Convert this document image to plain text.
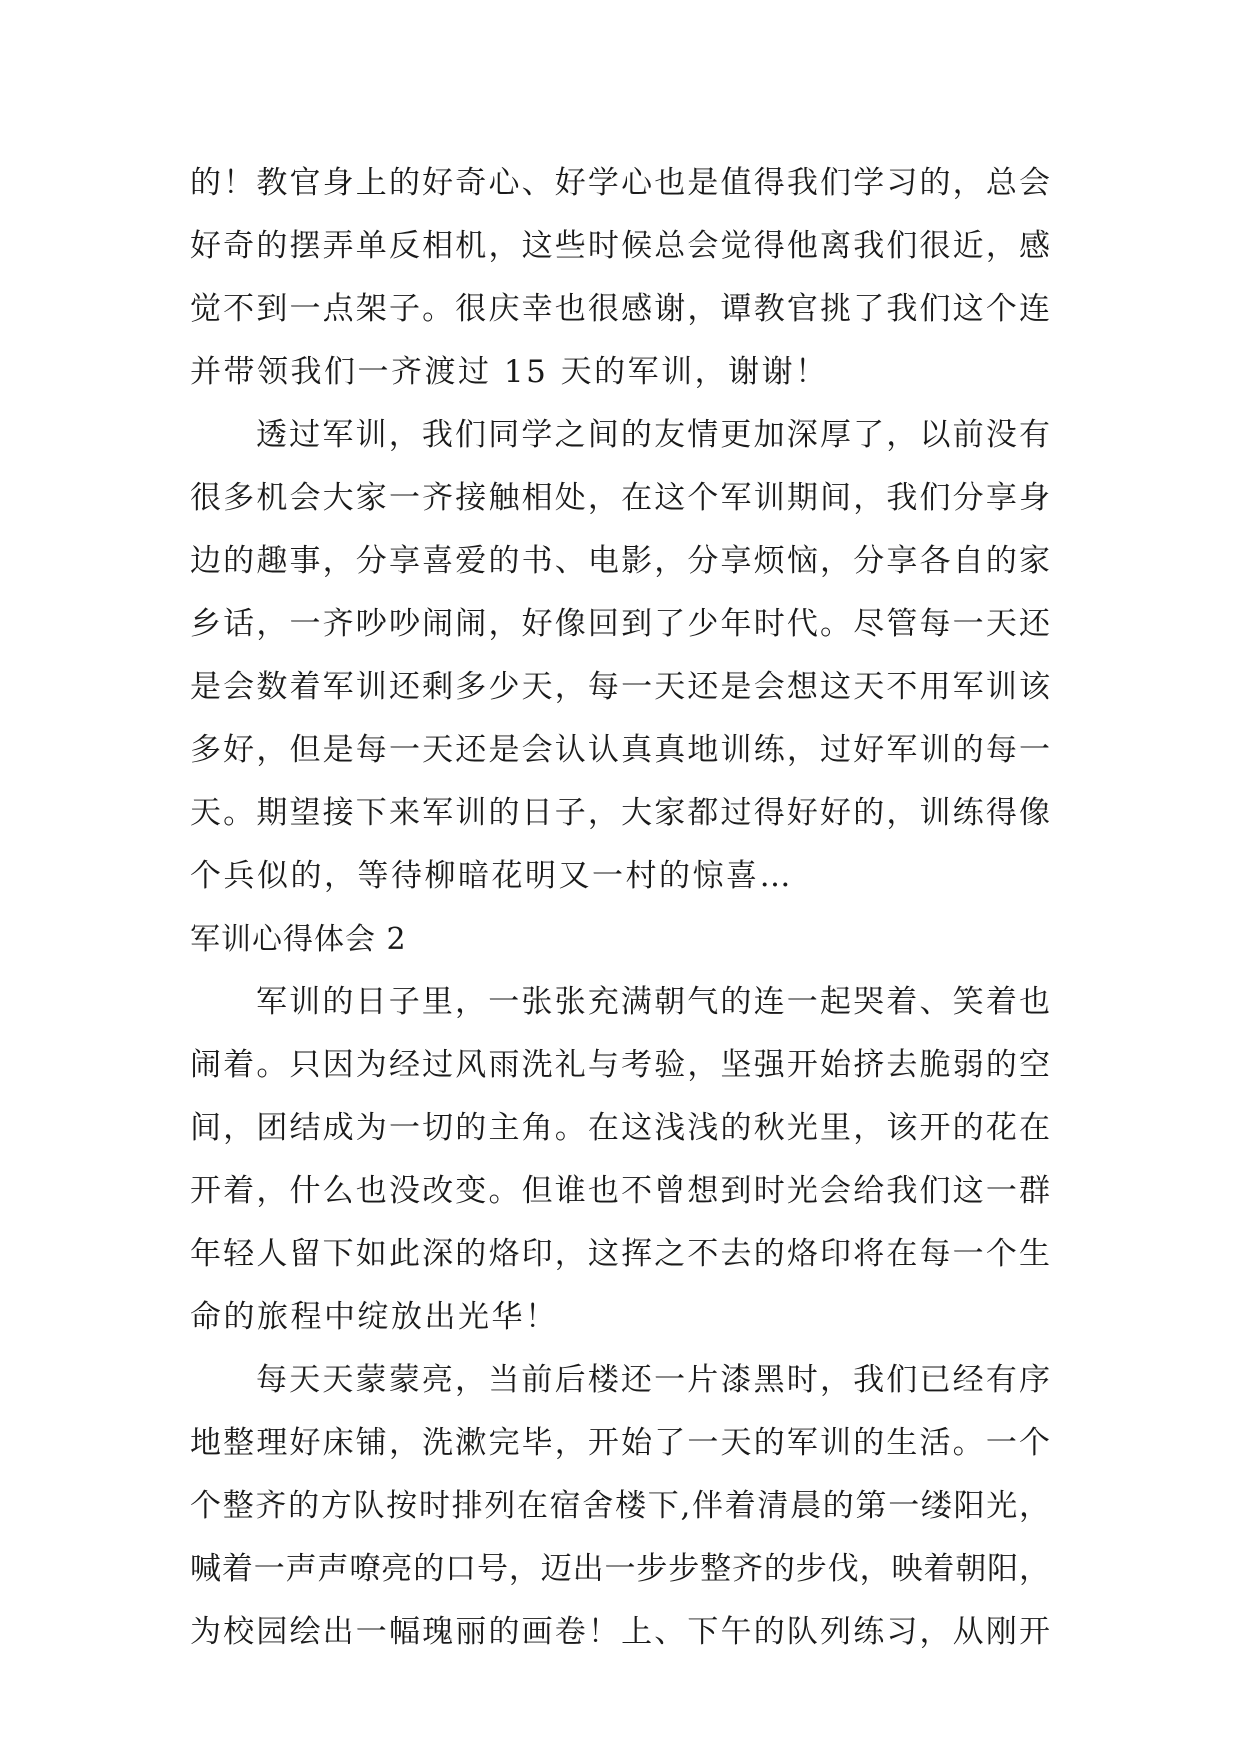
的！教官身上的好奇心、好学心也是值得我们学习的，总会
好奇的摆弄单反相机，这些时候总会觉得他离我们很近，感
觉不到一点架子。很庆幸也很感谢，谭教官挑了我们这个连
并带领我们一齐渡过 15 天的军训，谢谢！
透过军训，我们同学之间的友情更加深厚了，以前没有
很多机会大家一齐接触相处，在这个军训期间，我们分享身
边的趣事，分享喜爱的书、电影，分享烦恼，分享各自的家
乡话，一齐吵吵闹闹，好像回到了少年时代。尽管每一天还
是会数着军训还剩多少天，每一天还是会想这天不用军训该
多好，但是每一天还是会认认真真地训练，过好军训的每一
天。期望接下来军训的日子，大家都过得好好的，训练得像
个兵似的，等待柳暗花明又一村的惊喜…
军训心得体会 2
军训的日子里，一张张充满朝气的连一起哭着、笑着也
闹着。只因为经过风雨洗礼与考验，坚强开始挤去脆弱的空
间，团结成为一切的主角。在这浅浅的秋光里，该开的花在
开着，什么也没改变。但谁也不曾想到时光会给我们这一群
年轻人留下如此深的烙印，这挥之不去的烙印将在每一个生
命的旅程中绽放出光华！
每天天蒙蒙亮，当前后楼还一片漆黑时，我们已经有序
地整理好床铺，洗漱完毕，开始了一天的军训的生活。一个
个整齐的方队按时排列在宿舍楼下,伴着清晨的第一缕阳光，
喊着一声声嘹亮的口号，迈出一步步整齐的步伐，映着朝阳，
为校园绘出一幅瑰丽的画卷！上、下午的队列练习，从刚开
